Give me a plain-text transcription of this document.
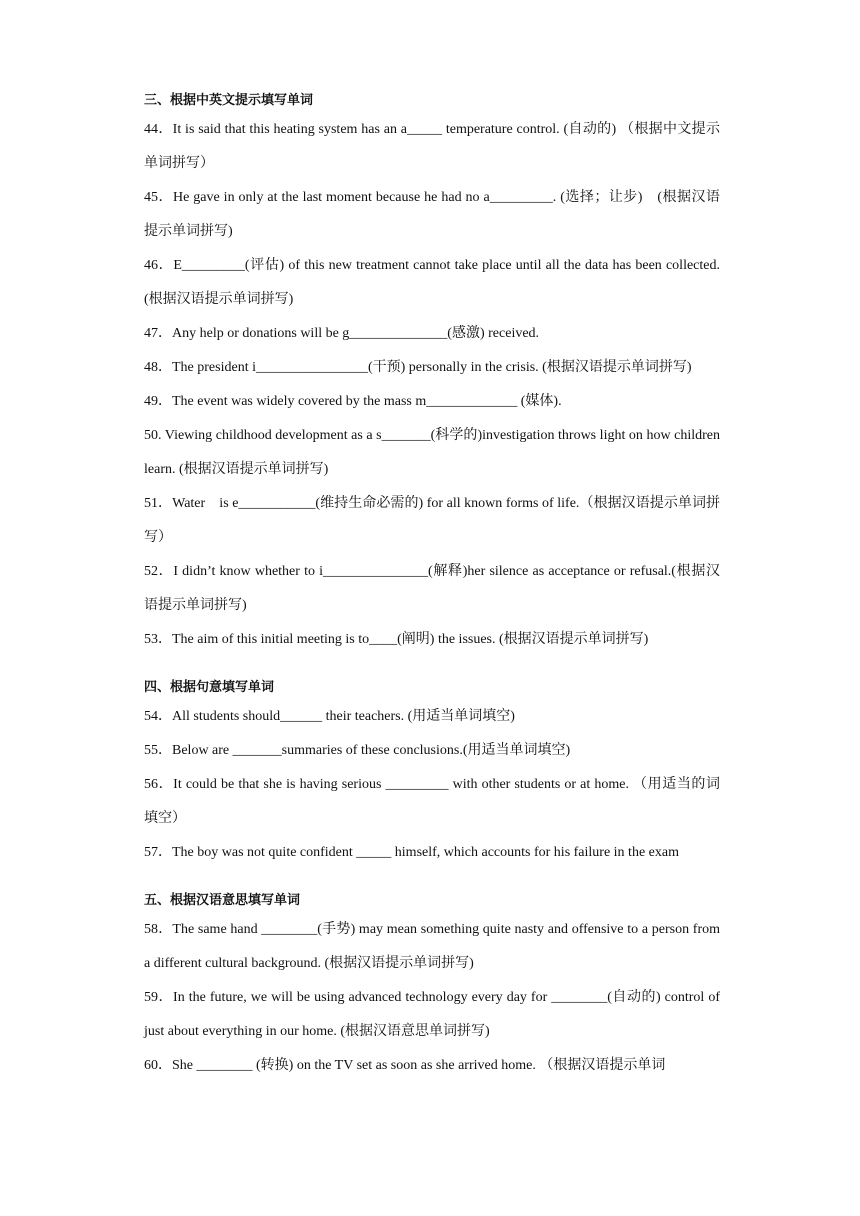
三、根据中英文提示填写单词

44．It is said that this heating system has an a_____ temperature control. (自动的) （根据中文提示单词拼写）

45．He gave in only at the last moment because he had no a_________. (选择；让步)　(根据汉语提示单词拼写)

46．E_________(评估) of this new treatment cannot take place until all the data has been collected. (根据汉语提示单词拼写)

47．Any help or donations will be g______________(感激) received.

48．The president i________________(干预) personally in the crisis. (根据汉语提示单词拼写)

49．The event was widely covered by the mass m_____________ (媒体).

50. Viewing childhood development as a s_______(科学的)investigation throws light on how children learn. (根据汉语提示单词拼写)

51．Water　is e___________(维持生命必需的) for all known forms of life.（根据汉语提示单词拼写）

52．I didn’t know whether to i_______________(解释)her silence as acceptance or refusal.(根据汉语提示单词拼写)

53．The aim of this initial meeting is to____(阐明) the issues. (根据汉语提示单词拼写)

四、根据句意填写单词

54．All students should______ their teachers. (用适当单词填空)

55．Below are _______summaries of these conclusions.(用适当单词填空)

56．It could be that she is having serious _________ with other students or at home. （用适当的词填空）

57．The boy was not quite confident _____ himself, which accounts for his failure in the exam

五、根据汉语意思填写单词

58．The same hand ________(手势) may mean something quite nasty and offensive to a person from a different cultural background. (根据汉语提示单词拼写)

59．In the future, we will be using advanced technology every day for ________(自动的) control of just about everything in our home. (根据汉语意思单词拼写)

60．She ________ (转换) on the TV set as soon as she arrived home. （根据汉语提示单词
